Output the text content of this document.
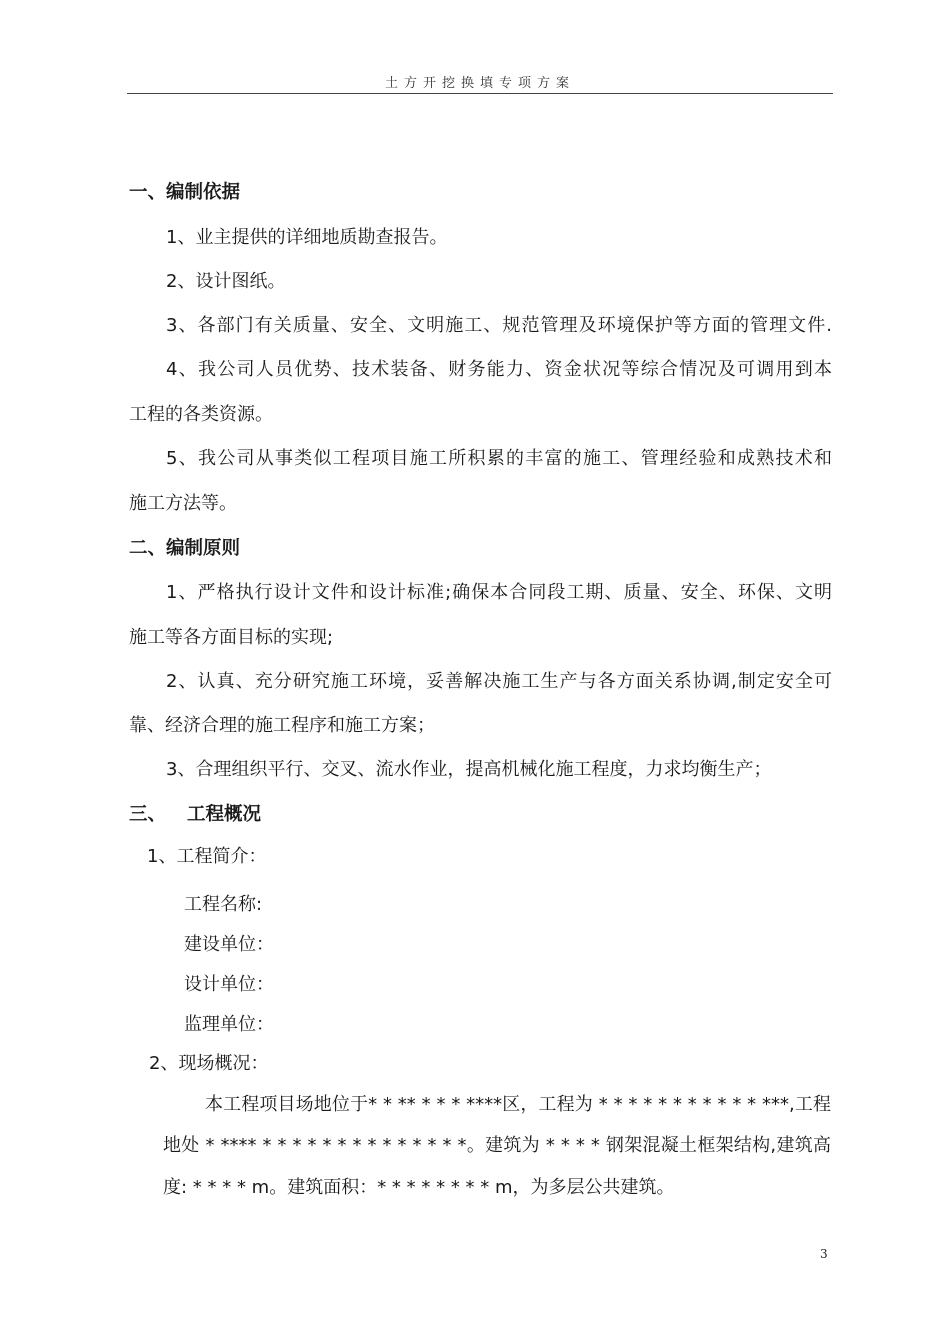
土方开挖换填专项方案
一、编制依据
1、业主提供的详细地质勘查报告。
2、设计图纸。
3、各部门有关质量、安全、文明施工、规范管理及环境保护等方面的管理文件.
4、我公司人员优势、技术装备、财务能力、资金状况等综合情况及可调用到本
工程的各类资源。
5、我公司从事类似工程项目施工所积累的丰富的施工、管理经验和成熟技术和
施工方法等。
二、编制原则
1、严格执行设计文件和设计标准;确保本合同段工期、质量、安全、环保、文明
施工等各方面目标的实现;
2、认真、充分研究施工环境，妥善解决施工生产与各方面关系协调,制定安全可
靠、经济合理的施工程序和施工方案；
3、合理组织平行、交叉、流水作业，提高机械化施工程度，力求均衡生产；
三、 工程概况
1、工程简介：
工程名称:
建设单位：
设计单位：
监理单位：
2、现场概况：
本工程项目场地位于* * ** * * * ****区，工程为 * * * * * * * * * * * ***,工程
地处 * **** * * * * * * * * * * * * * *。建筑为 * * * * 钢架混凝土框架结构,建筑高
度: * * * * m。建筑面积：* * * * * * * * m，为多层公共建筑。
3
